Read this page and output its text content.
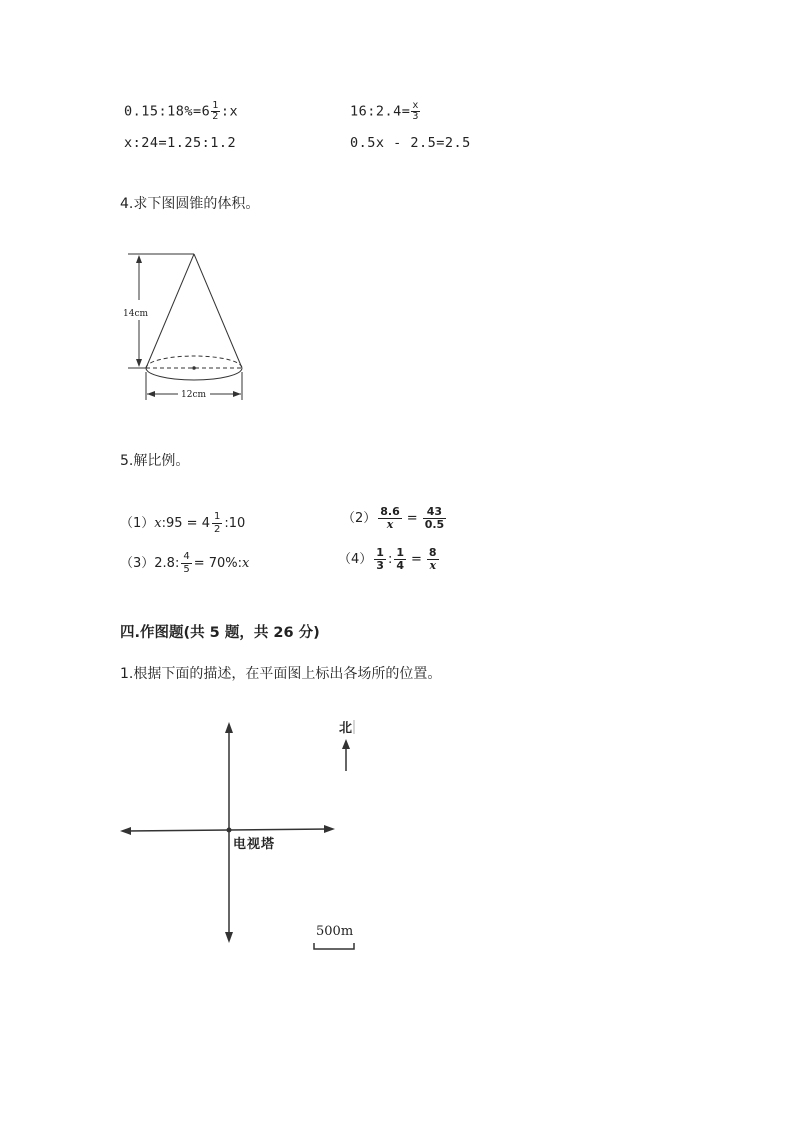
0.15:18%=6 $\frac{1}{2}$ :x	16:2.4= $\frac{x}{3}$
x:24=1.25:1.2	0.5x - 2.5=2.5
4.求下图圆锥的体积。
14cm
12cm
5.解比例。
（1）x:95 = $4 \frac{1}{2}$ :10	$(2) \frac{8.6}{x} = \frac{43}{0.5}$
（3）2.8: $\frac{4}{5}$ = 70%:x	$(4) \frac{1}{3}$ : $\frac{1}{4} = \frac{8}{x}$
四.作图题(共 5 题，共 26 分)
1.根据下面的描述，在平面图上标出各场所的位置。
北
电视塔
500m
